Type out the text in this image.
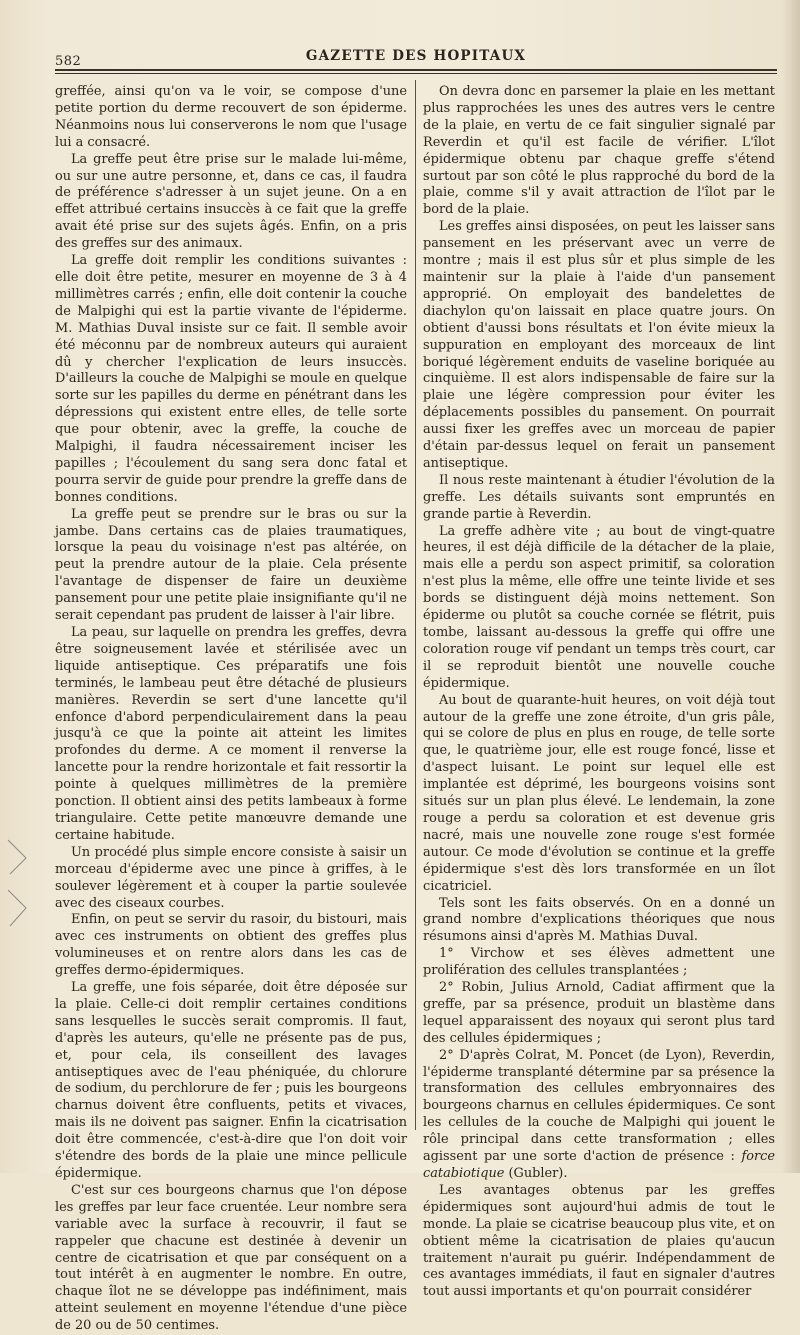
582	GAZETTE DES HOPITAUX

greffée, ainsi qu'on va le voir, se compose d'une petite portion du derme recouvert de son épiderme. Néanmoins nous lui conserverons le nom que l'usage lui a consacré.

La greffe peut être prise sur le malade lui-même, ou sur une autre personne, et, dans ce cas, il faudra de préférence s'adresser à un sujet jeune. On a en effet attribué certains insuccès à ce fait que la greffe avait été prise sur des sujets âgés. Enfin, on a pris des greffes sur des animaux.

La greffe doit remplir les conditions suivantes : elle doit être petite, mesurer en moyenne de 3 à 4 millimètres carrés ; enfin, elle doit contenir la couche de Malpighi qui est la partie vivante de l'épiderme. M. Mathias Duval insiste sur ce fait. Il semble avoir été méconnu par de nombreux auteurs qui auraient dû y chercher l'explication de leurs insuccès. D'ailleurs la couche de Malpighi se moule en quelque sorte sur les papilles du derme en pénétrant dans les dépressions qui existent entre elles, de telle sorte que pour obtenir, avec la greffe, la couche de Malpighi, il faudra nécessairement inciser les papilles ; l'écoulement du sang sera donc fatal et pourra servir de guide pour prendre la greffe dans de bonnes conditions.

La greffe peut se prendre sur le bras ou sur la jambe. Dans certains cas de plaies traumatiques, lorsque la peau du voisinage n'est pas altérée, on peut la prendre autour de la plaie. Cela présente l'avantage de dispenser de faire un deuxième pansement pour une petite plaie insignifiante qu'il ne serait cependant pas prudent de laisser à l'air libre.

La peau, sur laquelle on prendra les greffes, devra être soigneusement lavée et stérilisée avec un liquide antiseptique. Ces préparatifs une fois terminés, le lambeau peut être détaché de plusieurs manières. Reverdin se sert d'une lancette qu'il enfonce d'abord perpendiculairement dans la peau jusqu'à ce que la pointe ait atteint les limites profondes du derme. A ce moment il renverse la lancette pour la rendre horizontale et fait ressortir la pointe à quelques millimètres de la première ponction. Il obtient ainsi des petits lambeaux à forme triangulaire. Cette petite manœuvre demande une certaine habitude.

Un procédé plus simple encore consiste à saisir un morceau d'épiderme avec une pince à griffes, à le soulever légèrement et à couper la partie soulevée avec des ciseaux courbes.

Enfin, on peut se servir du rasoir, du bistouri, mais avec ces instruments on obtient des greffes plus volumineuses et on rentre alors dans les cas de greffes dermo-épidermiques.

La greffe, une fois séparée, doit être déposée sur la plaie. Celle-ci doit remplir certaines conditions sans lesquelles le succès serait compromis. Il faut, d'après les auteurs, qu'elle ne présente pas de pus, et, pour cela, ils conseillent des lavages antiseptiques avec de l'eau phéniquée, du chlorure de sodium, du perchlorure de fer ; puis les bourgeons charnus doivent être confluents, petits et vivaces, mais ils ne doivent pas saigner. Enfin la cicatrisation doit être commencée, c'est-à-dire que l'on doit voir s'étendre des bords de la plaie une mince pellicule épidermique.

C'est sur ces bourgeons charnus que l'on dépose les greffes par leur face cruentée. Leur nombre sera variable avec la surface à recouvrir, il faut se rappeler que chacune est destinée à devenir un centre de cicatrisation et que par conséquent on a tout intérêt à en augmenter le nombre. En outre, chaque îlot ne se développe pas indéfiniment, mais atteint seulement en moyenne l'étendue d'une pièce de 20 ou de 50 centimes.

On devra donc en parsemer la plaie en les mettant plus rapprochées les unes des autres vers le centre de la plaie, en vertu de ce fait singulier signalé par Reverdin et qu'il est facile de vérifier. L'îlot épidermique obtenu par chaque greffe s'étend surtout par son côté le plus rapproché du bord de la plaie, comme s'il y avait attraction de l'îlot par le bord de la plaie.

Les greffes ainsi disposées, on peut les laisser sans pansement en les préservant avec un verre de montre ; mais il est plus sûr et plus simple de les maintenir sur la plaie à l'aide d'un pansement approprié. On employait des bandelettes de diachylon qu'on laissait en place quatre jours. On obtient d'aussi bons résultats et l'on évite mieux la suppuration en employant des morceaux de lint boriqué légèrement enduits de vaseline boriquée au cinquième. Il est alors indispensable de faire sur la plaie une légère compression pour éviter les déplacements possibles du pansement. On pourrait aussi fixer les greffes avec un morceau de papier d'étain par-dessus lequel on ferait un pansement antiseptique.

Il nous reste maintenant à étudier l'évolution de la greffe. Les détails suivants sont empruntés en grande partie à Reverdin.

La greffe adhère vite ; au bout de vingt-quatre heures, il est déjà difficile de la détacher de la plaie, mais elle a perdu son aspect primitif, sa coloration n'est plus la même, elle offre une teinte livide et ses bords se distinguent déjà moins nettement. Son épiderme ou plutôt sa couche cornée se flétrit, puis tombe, laissant au-dessous la greffe qui offre une coloration rouge vif pendant un temps très court, car il se reproduit bientôt une nouvelle couche épidermique.

Au bout de quarante-huit heures, on voit déjà tout autour de la greffe une zone étroite, d'un gris pâle, qui se colore de plus en plus en rouge, de telle sorte que, le quatrième jour, elle est rouge foncé, lisse et d'aspect luisant. Le point sur lequel elle est implantée est déprimé, les bourgeons voisins sont situés sur un plan plus élevé. Le lendemain, la zone rouge a perdu sa coloration et est devenue gris nacré, mais une nouvelle zone rouge s'est formée autour. Ce mode d'évolution se continue et la greffe épidermique s'est dès lors transformée en un îlot cicatriciel.

Tels sont les faits observés. On en a donné un grand nombre d'explications théoriques que nous résumons ainsi d'après M. Mathias Duval.

1° Virchow et ses élèves admettent une prolifération des cellules transplantées ;

2° Robin, Julius Arnold, Cadiat affirment que la greffe, par sa présence, produit un blastème dans lequel apparaissent des noyaux qui seront plus tard des cellules épidermiques ;

2° D'après Colrat, M. Poncet (de Lyon), Reverdin, l'épiderme transplanté détermine par sa présence la transformation des cellules embryonnaires des bourgeons charnus en cellules épidermiques. Ce sont les cellules de la couche de Malpighi qui jouent le rôle principal dans cette transformation ; elles agissent par une sorte d'action de présence : force catabiotique (Gubler).

Les avantages obtenus par les greffes épidermiques sont aujourd'hui admis de tout le monde. La plaie se cicatrise beaucoup plus vite, et on obtient même la cicatrisation de plaies qu'aucun traitement n'aurait pu guérir. Indépendamment de ces avantages immédiats, il faut en signaler d'autres tout aussi importants et qu'on pourrait considérer
